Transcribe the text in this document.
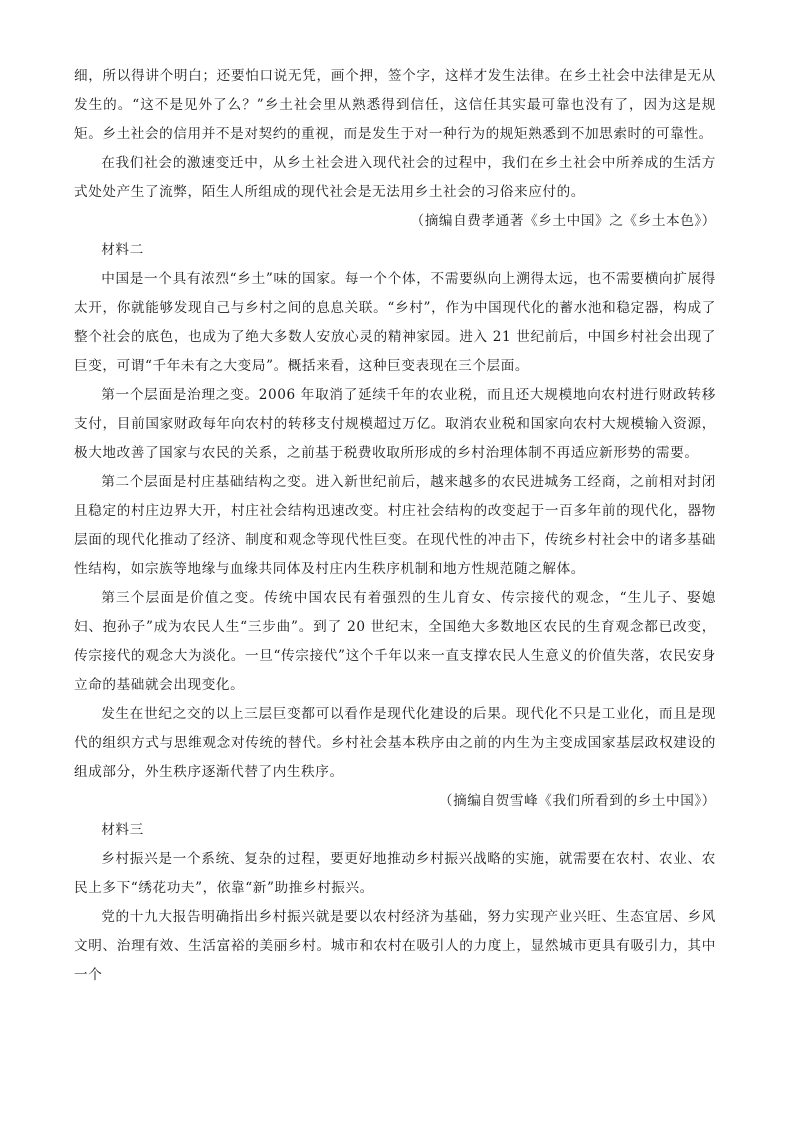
细，所以得讲个明白；还要怕口说无凭，画个押，签个字，这样才发生法律。在乡土社会中法律是无从发生的。“这不是见外了么？”乡土社会里从熟悉得到信任，这信任其实最可靠也没有了，因为这是规矩。乡土社会的信用并不是对契约的重视，而是发生于对一种行为的规矩熟悉到不加思索时的可靠性。

在我们社会的激速变迁中，从乡土社会进入现代社会的过程中，我们在乡土社会中所养成的生活方式处处产生了流弊，陌生人所组成的现代社会是无法用乡土社会的习俗来应付的。

（摘编自费孝通著《乡土中国》之《乡土本色》）

材料二

中国是一个具有浓烈“乡土”味的国家。每一个个体，不需要纵向上溯得太远，也不需要横向扩展得太开，你就能够发现自己与乡村之间的息息关联。“乡村”，作为中国现代化的蓄水池和稳定器，构成了整个社会的底色，也成为了绝大多数人安放心灵的精神家园。进入 21 世纪前后，中国乡村社会出现了巨变，可谓“千年未有之大变局”。概括来看，这种巨变表现在三个层面。

第一个层面是治理之变。2006 年取消了延续千年的农业税，而且还大规模地向农村进行财政转移支付，目前国家财政每年向农村的转移支付规模超过万亿。取消农业税和国家向农村大规模输入资源，极大地改善了国家与农民的关系，之前基于税费收取所形成的乡村治理体制不再适应新形势的需要。

第二个层面是村庄基础结构之变。进入新世纪前后，越来越多的农民进城务工经商，之前相对封闭且稳定的村庄边界大开，村庄社会结构迅速改变。村庄社会结构的改变起于一百多年前的现代化，器物层面的现代化推动了经济、制度和观念等现代性巨变。在现代性的冲击下，传统乡村社会中的诸多基础性结构，如宗族等地缘与血缘共同体及村庄内生秩序机制和地方性规范随之解体。

第三个层面是价值之变。传统中国农民有着强烈的生儿育女、传宗接代的观念，“生儿子、娶媳妇、抱孙子”成为农民人生“三步曲”。到了 20 世纪末，全国绝大多数地区农民的生育观念都已改变，传宗接代的观念大为淡化。一旦“传宗接代”这个千年以来一直支撑农民人生意义的价值失落，农民安身立命的基础就会出现变化。

发生在世纪之交的以上三层巨变都可以看作是现代化建设的后果。现代化不只是工业化，而且是现代的组织方式与思维观念对传统的替代。乡村社会基本秩序由之前的内生为主变成国家基层政权建设的组成部分，外生秩序逐渐代替了内生秩序。

（摘编自贺雪峰《我们所看到的乡土中国》）

材料三

乡村振兴是一个系统、复杂的过程，要更好地推动乡村振兴战略的实施，就需要在农村、农业、农民上多下“绣花功夫”，依靠“新”助推乡村振兴。

党的十九大报告明确指出乡村振兴就是要以农村经济为基础，努力实现产业兴旺、生态宜居、乡风文明、治理有效、生活富裕的美丽乡村。城市和农村在吸引人的力度上，显然城市更具有吸引力，其中一个
